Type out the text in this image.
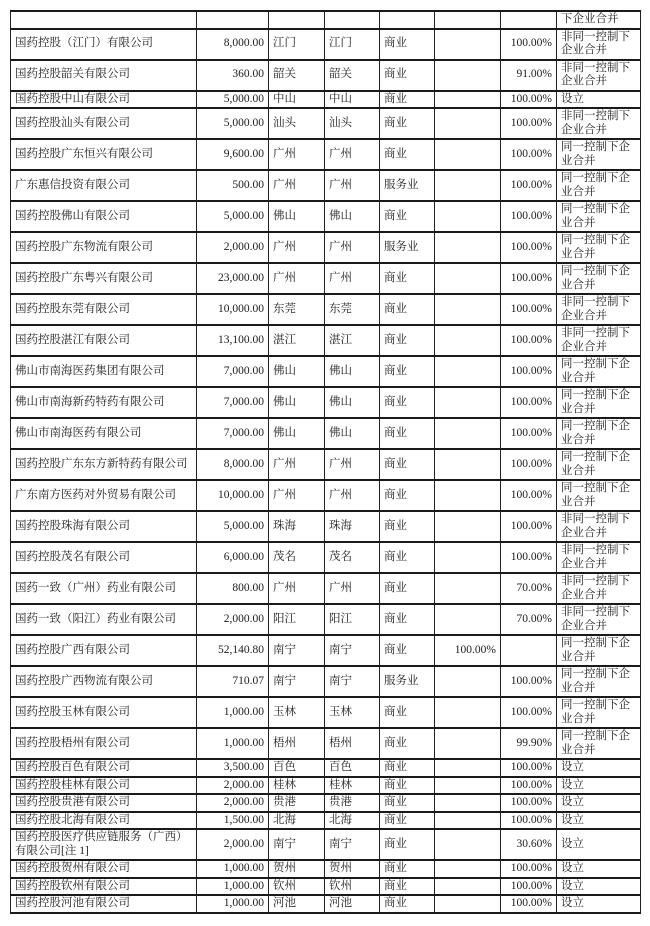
							下企业合并
国药控股（江门）有限公司	8,000.00	江门	江门	商业		100.00%	非同一控制下企业合并
国药控股韶关有限公司	360.00	韶关	韶关	商业		91.00%	非同一控制下企业合并
国药控股中山有限公司	5,000.00	中山	中山	商业		100.00%	设立
国药控股汕头有限公司	5,000.00	汕头	汕头	商业		100.00%	非同一控制下企业合并
国药控股广东恒兴有限公司	9,600.00	广州	广州	商业		100.00%	同一控制下企业合并
广东惠信投资有限公司	500.00	广州	广州	服务业		100.00%	同一控制下企业合并
国药控股佛山有限公司	5,000.00	佛山	佛山	商业		100.00%	同一控制下企业合并
国药控股广东物流有限公司	2,000.00	广州	广州	服务业		100.00%	同一控制下企业合并
国药控股广东粤兴有限公司	23,000.00	广州	广州	商业		100.00%	同一控制下企业合并
国药控股东莞有限公司	10,000.00	东莞	东莞	商业		100.00%	非同一控制下企业合并
国药控股湛江有限公司	13,100.00	湛江	湛江	商业		100.00%	非同一控制下企业合并
佛山市南海医药集团有限公司	7,000.00	佛山	佛山	商业		100.00%	同一控制下企业合并
佛山市南海新药特药有限公司	7,000.00	佛山	佛山	商业		100.00%	同一控制下企业合并
佛山市南海医药有限公司	7,000.00	佛山	佛山	商业		100.00%	同一控制下企业合并
国药控股广东东方新特药有限公司	8,000.00	广州	广州	商业		100.00%	同一控制下企业合并
广东南方医药对外贸易有限公司	10,000.00	广州	广州	商业		100.00%	同一控制下企业合并
国药控股珠海有限公司	5,000.00	珠海	珠海	商业		100.00%	非同一控制下企业合并
国药控股茂名有限公司	6,000.00	茂名	茂名	商业		100.00%	非同一控制下企业合并
国药一致（广州）药业有限公司	800.00	广州	广州	商业		70.00%	非同一控制下企业合并
国药一致（阳江）药业有限公司	2,000.00	阳江	阳江	商业		70.00%	非同一控制下企业合并
国药控股广西有限公司	52,140.80	南宁	南宁	商业	100.00%		同一控制下企业合并
国药控股广西物流有限公司	710.07	南宁	南宁	服务业		100.00%	同一控制下企业合并
国药控股玉林有限公司	1,000.00	玉林	玉林	商业		100.00%	同一控制下企业合并
国药控股梧州有限公司	1,000.00	梧州	梧州	商业		99.90%	同一控制下企业合并
国药控股百色有限公司	3,500.00	百色	百色	商业		100.00%	设立
国药控股桂林有限公司	2,000.00	桂林	桂林	商业		100.00%	设立
国药控股贵港有限公司	2,000.00	贵港	贵港	商业		100.00%	设立
国药控股北海有限公司	1,500.00	北海	北海	商业		100.00%	设立
国药控股医疗供应链服务（广西）有限公司[注 1]	2,000.00	南宁	南宁	商业		30.60%	设立
国药控股贺州有限公司	1,000.00	贺州	贺州	商业		100.00%	设立
国药控股钦州有限公司	1,000.00	钦州	钦州	商业		100.00%	设立
国药控股河池有限公司	1,000.00	河池	河池	商业		100.00%	设立
